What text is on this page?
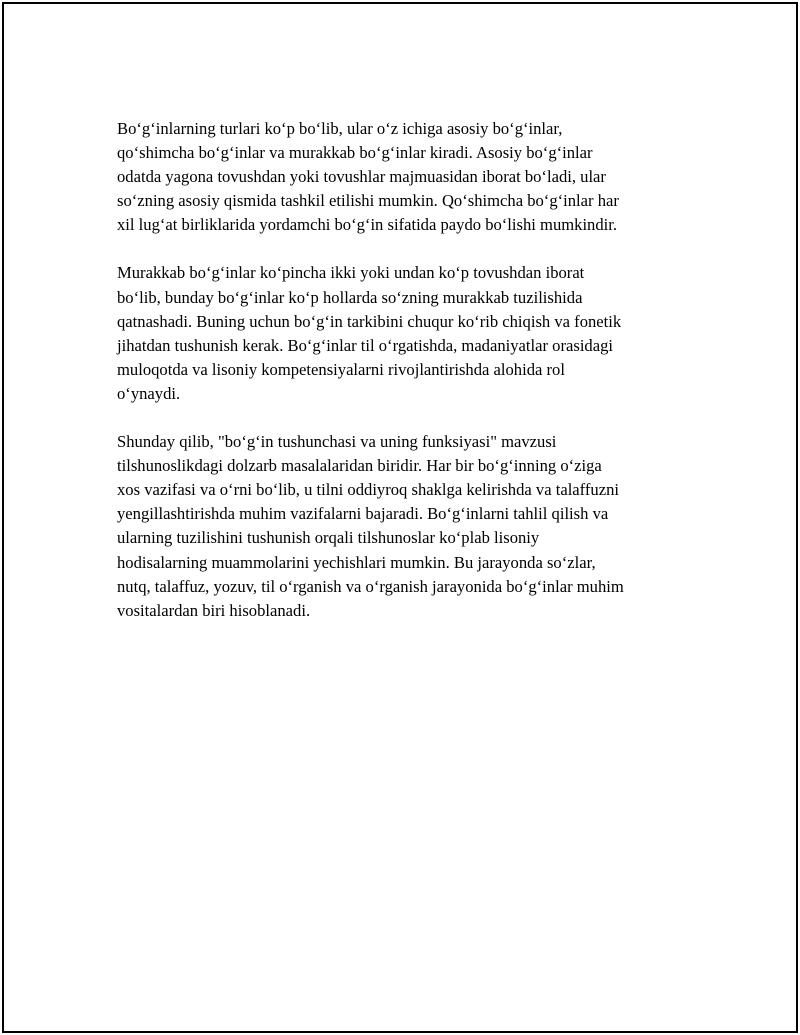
Bo‘g‘inlarning turlari ko‘p bo‘lib, ular o‘z ichiga asosiy bo‘g‘inlar,
qo‘shimcha bo‘g‘inlar va murakkab bo‘g‘inlar kiradi. Asosiy bo‘g‘inlar
odatda yagona tovushdan yoki tovushlar majmuasidan iborat bo‘ladi, ular
so‘zning asosiy qismida tashkil etilishi mumkin. Qo‘shimcha bo‘g‘inlar har
xil lug‘at birliklarida yordamchi bo‘g‘in sifatida paydo bo‘lishi mumkindir.

Murakkab bo‘g‘inlar ko‘pincha ikki yoki undan ko‘p tovushdan iborat
bo‘lib, bunday bo‘g‘inlar ko‘p hollarda so‘zning murakkab tuzilishida
qatnashadi. Buning uchun bo‘g‘in tarkibini chuqur ko‘rib chiqish va fonetik
jihatdan tushunish kerak. Bo‘g‘inlar til o‘rgatishda, madaniyatlar orasidagi
muloqotda va lisoniy kompetensiyalarni rivojlantirishda alohida rol
o‘ynaydi.

Shunday qilib, "bo‘g‘in tushunchasi va uning funksiyasi" mavzusi
tilshunoslikdagi dolzarb masalalaridan biridir. Har bir bo‘g‘inning o‘ziga
xos vazifasi va o‘rni bo‘lib, u tilni oddiyroq shaklga kelirishda va talaffuzni
yengillashtirishda muhim vazifalarni bajaradi. Bo‘g‘inlarni tahlil qilish va
ularning tuzilishini tushunish orqali tilshunoslar ko‘plab lisoniy
hodisalarning muammolarini yechishlari mumkin. Bu jarayonda so‘zlar,
nutq, talaffuz, yozuv, til o‘rganish va o‘rganish jarayonida bo‘g‘inlar muhim
vositalardan biri hisoblanadi.
